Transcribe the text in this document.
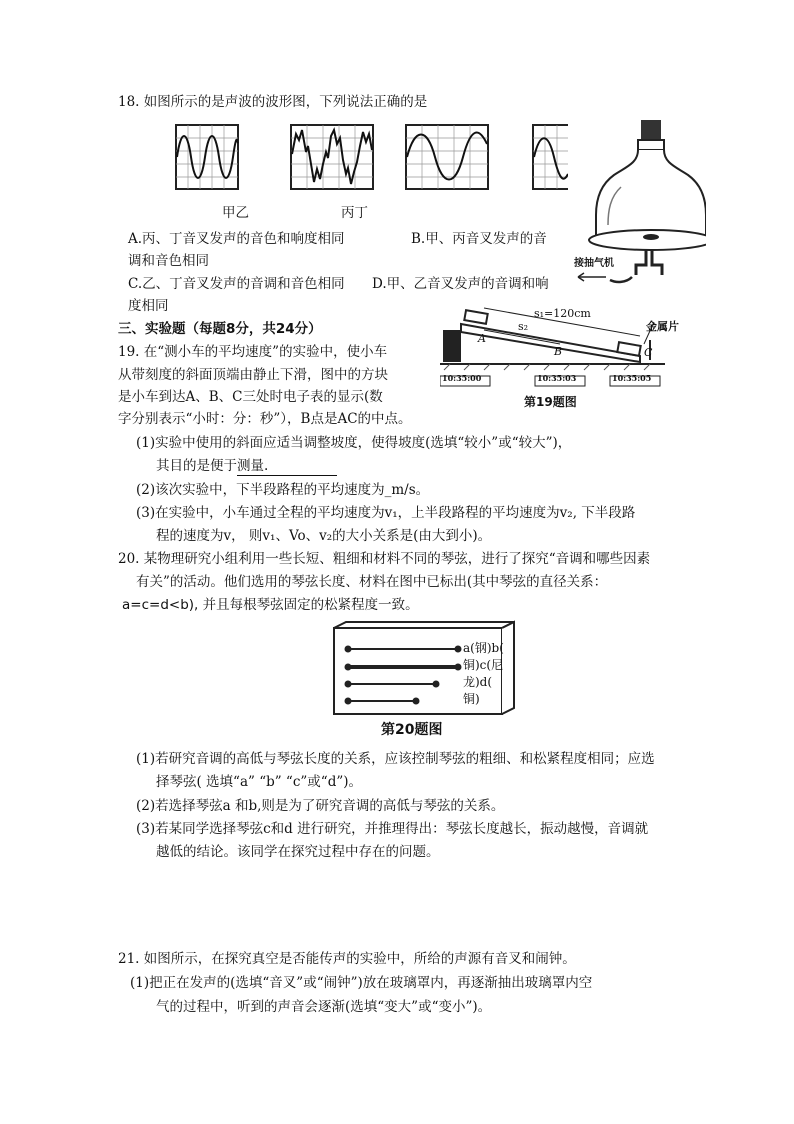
18. 如图所示的是声波的波形图，下列说法正确的是
甲乙	丙丁
接抽气机
A.丙、丁音叉发声的音色和响度相同	B.甲、丙音叉发声的音
调和音色相同
C.乙、丁音叉发声的音调和音色相同 D.甲、乙音叉发声的音调和响
度相同
三、实验题（每题8分，共24分）
s₁=120cm
s₂
A
B	C
金属片
10:35:00	10:35:03	10:35:05
第19题图
19. 在“测小车的平均速度”的实验中，使小车
从带刻度的斜面顶端由静止下滑，图中的方块
是小车到达A、B、C三处时电子表的显示(数
字分别表示“小时：分：秒”），B点是AC的中点。
(1)实验中使用的斜面应适当调整坡度，使得坡度(选填“较小”或“较大”)，
其目的是便于测量.
(2)该次实验中，下半段路程的平均速度为_m/s。
(3)在实验中，小车通过全程的平均速度为v₁，上半段路程的平均速度为v₂, 下半段路
程的速度为v， 则v₁、Vo、v₂的大小关系是(由大到小)。
20. 某物理研究小组利用一些长短、粗细和材料不同的琴弦，进行了探究“音调和哪些因素
有关”的活动。他们选用的琴弦长度、材料在图中已标出(其中琴弦的直径关系：
a=c=d<b), 并且每根琴弦固定的松紧程度一致。
a(钢)b(
铜)c(尼
龙)d(
铜)
第20题图
(1)若研究音调的高低与琴弦长度的关系，应该控制琴弦的粗细、和松紧程度相同；应选
择琴弦( 选填“a” “b” “c”或“d”)。
(2)若选择琴弦a 和b,则是为了研究音调的高低与琴弦的关系。
(3)若某同学选择琴弦c和d 进行研究，并推理得出：琴弦长度越长，振动越慢，音调就
越低的结论。该同学在探究过程中存在的问题。
21. 如图所示，在探究真空是否能传声的实验中，所给的声源有音叉和闹钟。
(1)把正在发声的(选填“音叉”或“闹钟”)放在玻璃罩内，再逐渐抽出玻璃罩内空
气的过程中，听到的声音会逐渐(选填“变大”或“变小”)。
